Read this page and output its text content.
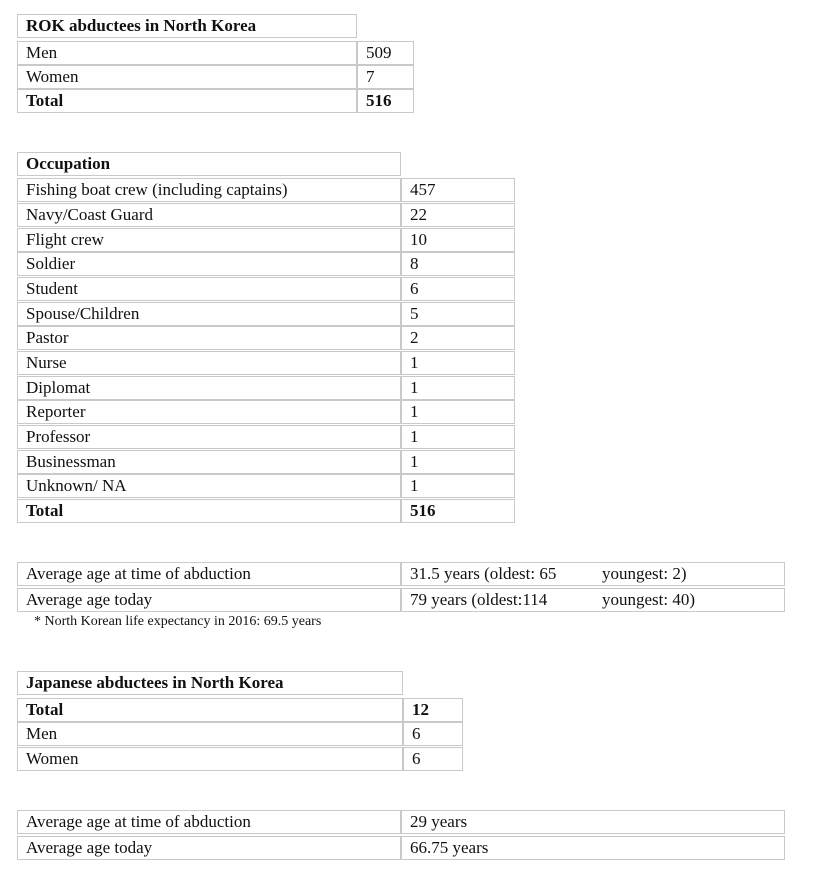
ROK abductees in North Korea
Men	509
Women	7
Total	516
Occupation
Fishing boat crew (including captains)	457
Navy/Coast Guard	22
Flight crew	10
Soldier	8
Student	6
Spouse/Children	5
Pastor	2
Nurse	1
Diplomat	1
Reporter	1
Professor	1
Businessman	1
Unknown/ NA	1
Total	516
Average age at time of abduction	31.5 years (oldest: 65	youngest: 2)
Average age today	79 years (oldest:114	youngest: 40)
* North Korean life expectancy in 2016: 69.5 years
Japanese abductees in North Korea
Total	12
Men	6
Women	6
Average age at time of abduction	29 years
Average age today	66.75 years
